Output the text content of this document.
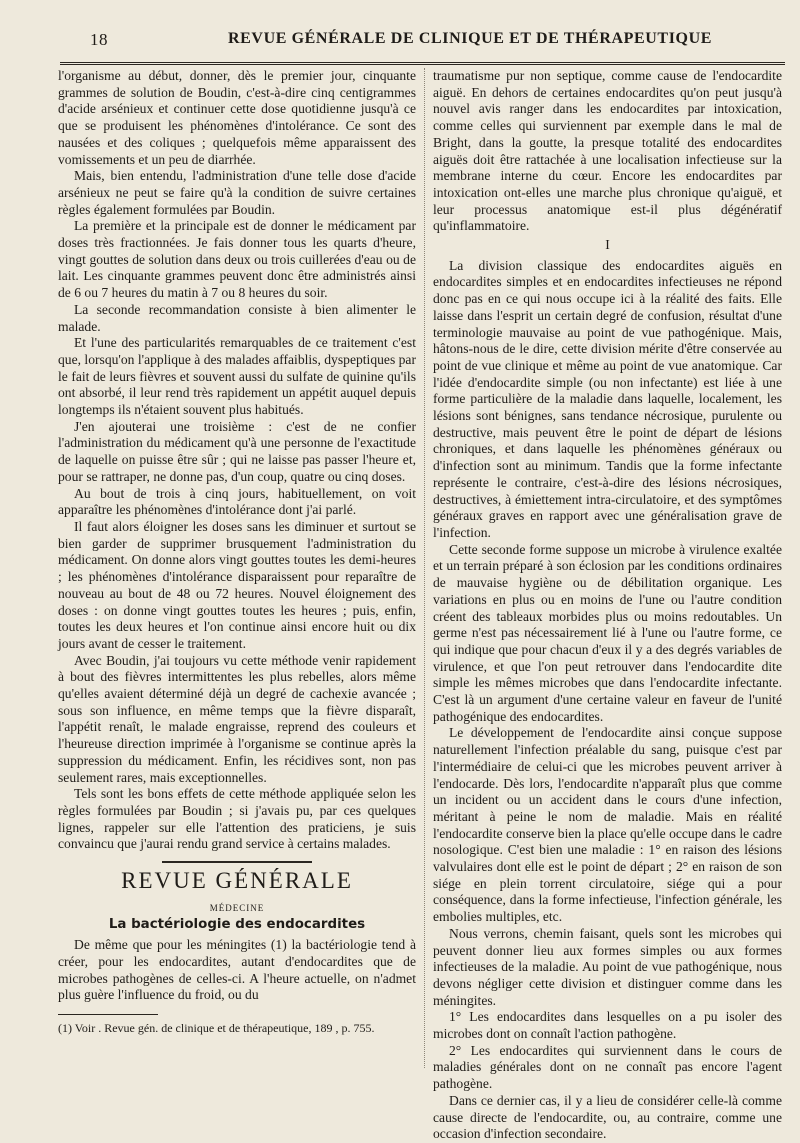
18	REVUE GÉNÉRALE DE CLINIQUE ET DE THÉRAPEUTIQUE

l'organisme au début, donner, dès le premier jour, cinquante grammes de solution de Boudin, c'est-à-dire cinq centigrammes d'acide arsénieux et continuer cette dose quotidienne jusqu'à ce que se produisent les phénomènes d'intolérance. Ce sont des nausées et des coliques ; quelquefois même apparaissent des vomissements et un peu de diarrhée.

Mais, bien entendu, l'administration d'une telle dose d'acide arsénieux ne peut se faire qu'à la condition de suivre certaines règles également formulées par Boudin.

La première et la principale est de donner le médicament par doses très fractionnées. Je fais donner tous les quarts d'heure, vingt gouttes de solution dans deux ou trois cuillerées d'eau ou de lait. Les cinquante grammes peuvent donc être administrés ainsi de 6 ou 7 heures du matin à 7 ou 8 heures du soir.

La seconde recommandation consiste à bien alimenter le malade.

Et l'une des particularités remarquables de ce traitement c'est que, lorsqu'on l'applique à des malades affaiblis, dyspeptiques par le fait de leurs fièvres et souvent aussi du sulfate de quinine qu'ils ont absorbé, il leur rend très rapidement un appétit auquel depuis longtemps ils n'étaient souvent plus habitués.

J'en ajouterai une troisième : c'est de ne confier l'administration du médicament qu'à une personne de l'exactitude de laquelle on puisse être sûr ; qui ne laisse pas passer l'heure et, pour se rattraper, ne donne pas, d'un coup, quatre ou cinq doses.

Au bout de trois à cinq jours, habituellement, on voit apparaître les phénomènes d'intolérance dont j'ai parlé.

Il faut alors éloigner les doses sans les diminuer et surtout se bien garder de supprimer brusquement l'administration du médicament. On donne alors vingt gouttes toutes les demi-heures ; les phénomènes d'intolérance disparaissent pour reparaître de nouveau au bout de 48 ou 72 heures. Nouvel éloignement des doses : on donne vingt gouttes toutes les heures ; puis, enfin, toutes les deux heures et l'on continue ainsi encore huit ou dix jours avant de cesser le traitement.

Avec Boudin, j'ai toujours vu cette méthode venir rapidement à bout des fièvres intermittentes les plus rebelles, alors même qu'elles avaient déterminé déjà un degré de cachexie avancée ; sous son influence, en même temps que la fièvre disparaît, l'appétit renaît, le malade engraisse, reprend des couleurs et l'heureuse direction imprimée à l'organisme se continue après la suppression du médicament. Enfin, les récidives sont, non pas seulement rares, mais exceptionnelles.

Tels sont les bons effets de cette méthode appliquée selon les règles formulées par Boudin ; si j'avais pu, par ces quelques lignes, rappeler sur elle l'attention des praticiens, je suis convaincu que j'aurai rendu grand service à certains malades.

REVUE GÉNÉRALE
MÉDECINE
La bactériologie des endocardites

De même que pour les méningites (1) la bactériologie tend à créer, pour les endocardites, autant d'endocardites que de microbes pathogènes de celles-ci. A l'heure actuelle, on n'admet plus guère l'influence du froid, ou du

(1) Voir . Revue gén. de clinique et de thérapeutique, 189 , p. 755.

traumatisme pur non septique, comme cause de l'endocardite aiguë. En dehors de certaines endocardites qu'on peut jusqu'à nouvel avis ranger dans les endocardites par intoxication, comme celles qui surviennent par exemple dans le mal de Bright, dans la goutte, la presque totalité des endocardites aiguës doit être rattachée à une localisation infectieuse sur la membrane interne du cœur. Encore les endocardites par intoxication ont-elles une marche plus chronique qu'aiguë, et leur processus anatomique est-il plus dégénératif qu'inflammatoire.

I

La division classique des endocardites aiguës en endocardites simples et en endocardites infectieuses ne répond donc pas en ce qui nous occupe ici à la réalité des faits. Elle laisse dans l'esprit un certain degré de confusion, résultat d'une terminologie mauvaise au point de vue pathogénique. Mais, hâtons-nous de le dire, cette division mérite d'être conservée au point de vue clinique et même au point de vue anatomique. Car l'idée d'endocardite simple (ou non infectante) est liée à une forme particulière de la maladie dans laquelle, localement, les lésions sont bénignes, sans tendance nécrosique, purulente ou destructive, mais peuvent être le point de départ de lésions chroniques, et dans laquelle les phénomènes généraux ou d'infection sont au minimum. Tandis que la forme infectante représente le contraire, c'est-à-dire des lésions nécrosiques, destructives, à émiettement intra-circulatoire, et des symptômes généraux graves en rapport avec une généralisation grave de l'infection.

Cette seconde forme suppose un microbe à virulence exaltée et un terrain préparé à son éclosion par les conditions ordinaires de mauvaise hygiène ou de débilitation organique. Les variations en plus ou en moins de l'une ou l'autre condition créent des tableaux morbides plus ou moins redoutables. Un germe n'est pas nécessairement lié à l'une ou l'autre forme, ce qui indique que pour chacun d'eux il y a des degrés variables de virulence, et que l'on peut retrouver dans l'endocardite dite simple les mêmes microbes que dans l'endocardite infectante. C'est là un argument d'une certaine valeur en faveur de l'unité pathogénique des endocardites.

Le développement de l'endocardite ainsi conçue suppose naturellement l'infection préalable du sang, puisque c'est par l'intermédiaire de celui-ci que les microbes peuvent arriver à l'endocarde. Dès lors, l'endocardite n'apparaît plus que comme un incident ou un accident dans le cours d'une infection, méritant à peine le nom de maladie. Mais en réalité l'endocardite conserve bien la place qu'elle occupe dans le cadre nosologique. C'est bien une maladie : 1° en raison des lésions valvulaires dont elle est le point de départ ; 2° en raison de son siége en plein torrent circulatoire, siége qui a pour conséquence, dans la forme infectieuse, l'infection générale, les embolies multiples, etc.

Nous verrons, chemin faisant, quels sont les microbes qui peuvent donner lieu aux formes simples ou aux formes infectieuses de la maladie. Au point de vue pathogénique, nous devons négliger cette division et distinguer comme dans les méningites.

1° Les endocardites dans lesquelles on a pu isoler des microbes dont on connaît l'action pathogène.

2° Les endocardites qui surviennent dans le cours de maladies générales dont on ne connaît pas encore l'agent pathogène.

Dans ce dernier cas, il y a lieu de considérer celle-là comme cause directe de l'endocardite, ou, au contraire, comme une occasion d'infection secondaire.
